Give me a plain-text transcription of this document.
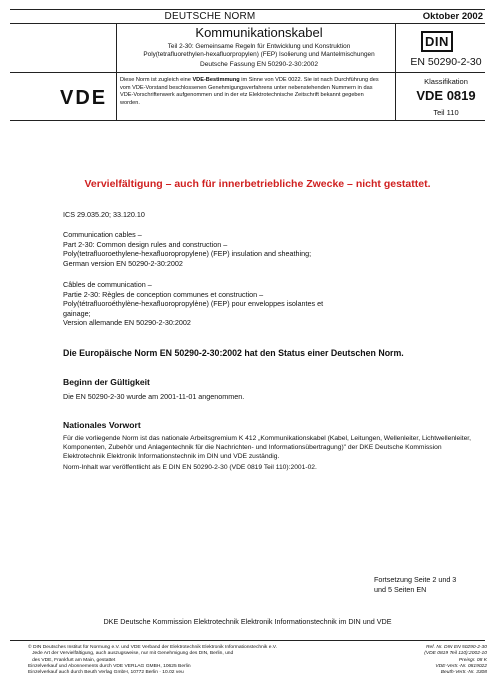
DEUTSCHE NORM	Oktober 2002
Kommunikationskabel
Teil 2-30: Gemeinsame Regeln für Entwicklung und Konstruktion
Poly(tetrafluorethylen-hexafluorpropylen) (FEP) Isolierung und Mantelmischungen
Deutsche Fassung EN 50290-2-30:2002
DIN
EN 50290-2-30
VDE
Diese Norm ist zugleich eine VDE-Bestimmung im Sinne von VDE 0022. Sie ist nach Durchführung des vom VDE-Vorstand beschlossenen Genehmigungsverfahrens unter nebenstehenden Nummern in das VDE-Vorschriftenwerk aufgenommen und in der etz Elektrotechnische Zeitschrift bekannt gegeben worden.
Klassifikation
VDE 0819
Teil 110
Vervielfältigung – auch für innerbetriebliche Zwecke – nicht gestattet.
ICS 29.035.20; 33.120.10
Communication cables –
Part 2-30: Common design rules and construction –
Poly(tetrafluoroethylene-hexafluoropropylene) (FEP) insulation and sheathing;
German version EN 50290-2-30:2002
Câbles de communication –
Partie 2-30: Règles de conception communes et construction –
Poly(tétrafluoroéthylène-hexafluoropropylène) (FEP) pour enveloppes isolantes et
gainage;
Version allemande EN 50290-2-30:2002
Die Europäische Norm EN 50290-2-30:2002 hat den Status einer Deutschen Norm.
Beginn der Gültigkeit
Die EN 50290-2-30 wurde am 2001-11-01 angenommen.
Nationales Vorwort
Für die vorliegende Norm ist das nationale Arbeitsgremium K 412 „Kommunikationskabel (Kabel, Leitungen, Wellenleiter, Lichtwellenleiter, Komponenten, Zubehör und Anlagentechnik für die Nachrichten- und Informationsübertragung)" der DKE Deutsche Kommission Elektrotechnik Elektronik Informationstechnik im DIN und VDE zuständig.
Norm-Inhalt war veröffentlicht als E DIN EN 50290-2-30 (VDE 0819 Teil 110):2001-02.
Fortsetzung Seite 2 und 3
und 5 Seiten EN
DKE Deutsche Kommission Elektrotechnik Elektronik Informationstechnik im DIN und VDE
© DIN Deutsches Institut für Normung e.V. und VDE Verband der Elektrotechnik Elektronik Informationstechnik e.V.
Jede Art der Vervielfältigung, auch auszugsweise, nur mit Genehmigung des DIN, Berlin, und
des VDE, Frankfurt am Main, gestattet
Einzelverkauf und Abonnements durch VDE VERLAG GMBH, 10625 Berlin
Einzelverkauf auch durch Beuth Verlag GmbH, 10772 Berlin · 10.02 veu
Ref. Nr. DIN EN 50290-2-30
(VDE 0819 Teil 110):2002-10
Preisgr. 08 K
VDE-Vertr.-Nr. 0819022
Beuth-Vertr.-Nr. 3308
